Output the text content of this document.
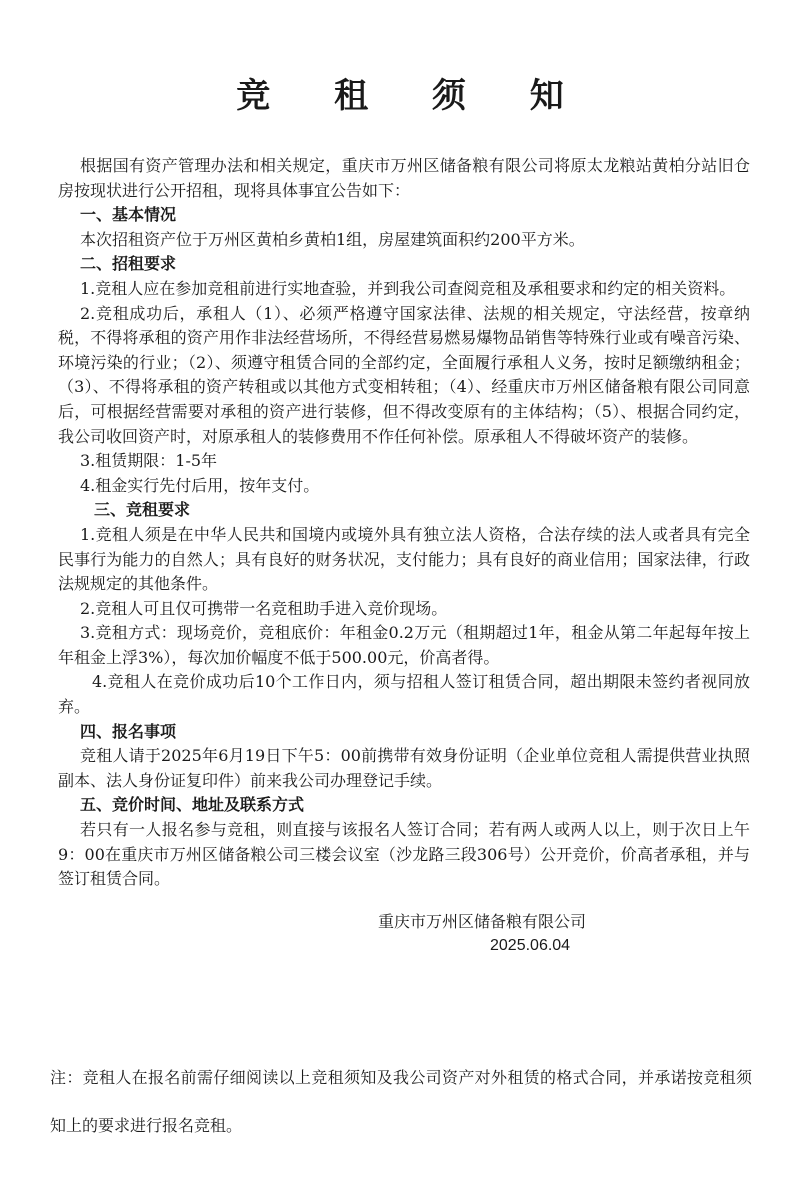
竞 租 须 知

根据国有资产管理办法和相关规定，重庆市万州区储备粮有限公司将原太龙粮站黄柏分站旧仓房按现状进行公开招租，现将具体事宜公告如下：

一、基本情况

本次招租资产位于万州区黄柏乡黄柏1组，房屋建筑面积约200平方米。

二、招租要求

1.竞租人应在参加竞租前进行实地查验，并到我公司查阅竞租及承租要求和约定的相关资料。

2.竞租成功后，承租人（1）、必须严格遵守国家法律、法规的相关规定，守法经营，按章纳税，不得将承租的资产用作非法经营场所，不得经营易燃易爆物品销售等特殊行业或有噪音污染、环境污染的行业；（2）、须遵守租赁合同的全部约定，全面履行承租人义务，按时足额缴纳租金；（3）、不得将承租的资产转租或以其他方式变相转租；（4）、经重庆市万州区储备粮有限公司同意后，可根据经营需要对承租的资产进行装修，但不得改变原有的主体结构；（5）、根据合同约定，我公司收回资产时，对原承租人的装修费用不作任何补偿。原承租人不得破坏资产的装修。

3.租赁期限：1-5年

4.租金实行先付后用，按年支付。

三、竞租要求

1.竞租人须是在中华人民共和国境内或境外具有独立法人资格，合法存续的法人或者具有完全民事行为能力的自然人；具有良好的财务状况，支付能力；具有良好的商业信用；国家法律，行政法规规定的其他条件。

2.竞租人可且仅可携带一名竞租助手进入竞价现场。

3.竞租方式：现场竞价，竞租底价：年租金0.2万元（租期超过1年，租金从第二年起每年按上年租金上浮3%），每次加价幅度不低于500.00元，价高者得。

4.竞租人在竞价成功后10个工作日内，须与招租人签订租赁合同，超出期限未签约者视同放弃。

四、报名事项

竞租人请于2025年6月19日下午5：00前携带有效身份证明（企业单位竞租人需提供营业执照副本、法人身份证复印件）前来我公司办理登记手续。

五、竞价时间、地址及联系方式

若只有一人报名参与竞租，则直接与该报名人签订合同；若有两人或两人以上，则于次日上午9：00在重庆市万州区储备粮公司三楼会议室（沙龙路三段306号）公开竞价，价高者承租，并与签订租赁合同。

重庆市万州区储备粮有限公司
2025.06.04
注：竞租人在报名前需仔细阅读以上竞租须知及我公司资产对外租赁的格式合同，并承诺按竞租须知上的要求进行报名竞租。
